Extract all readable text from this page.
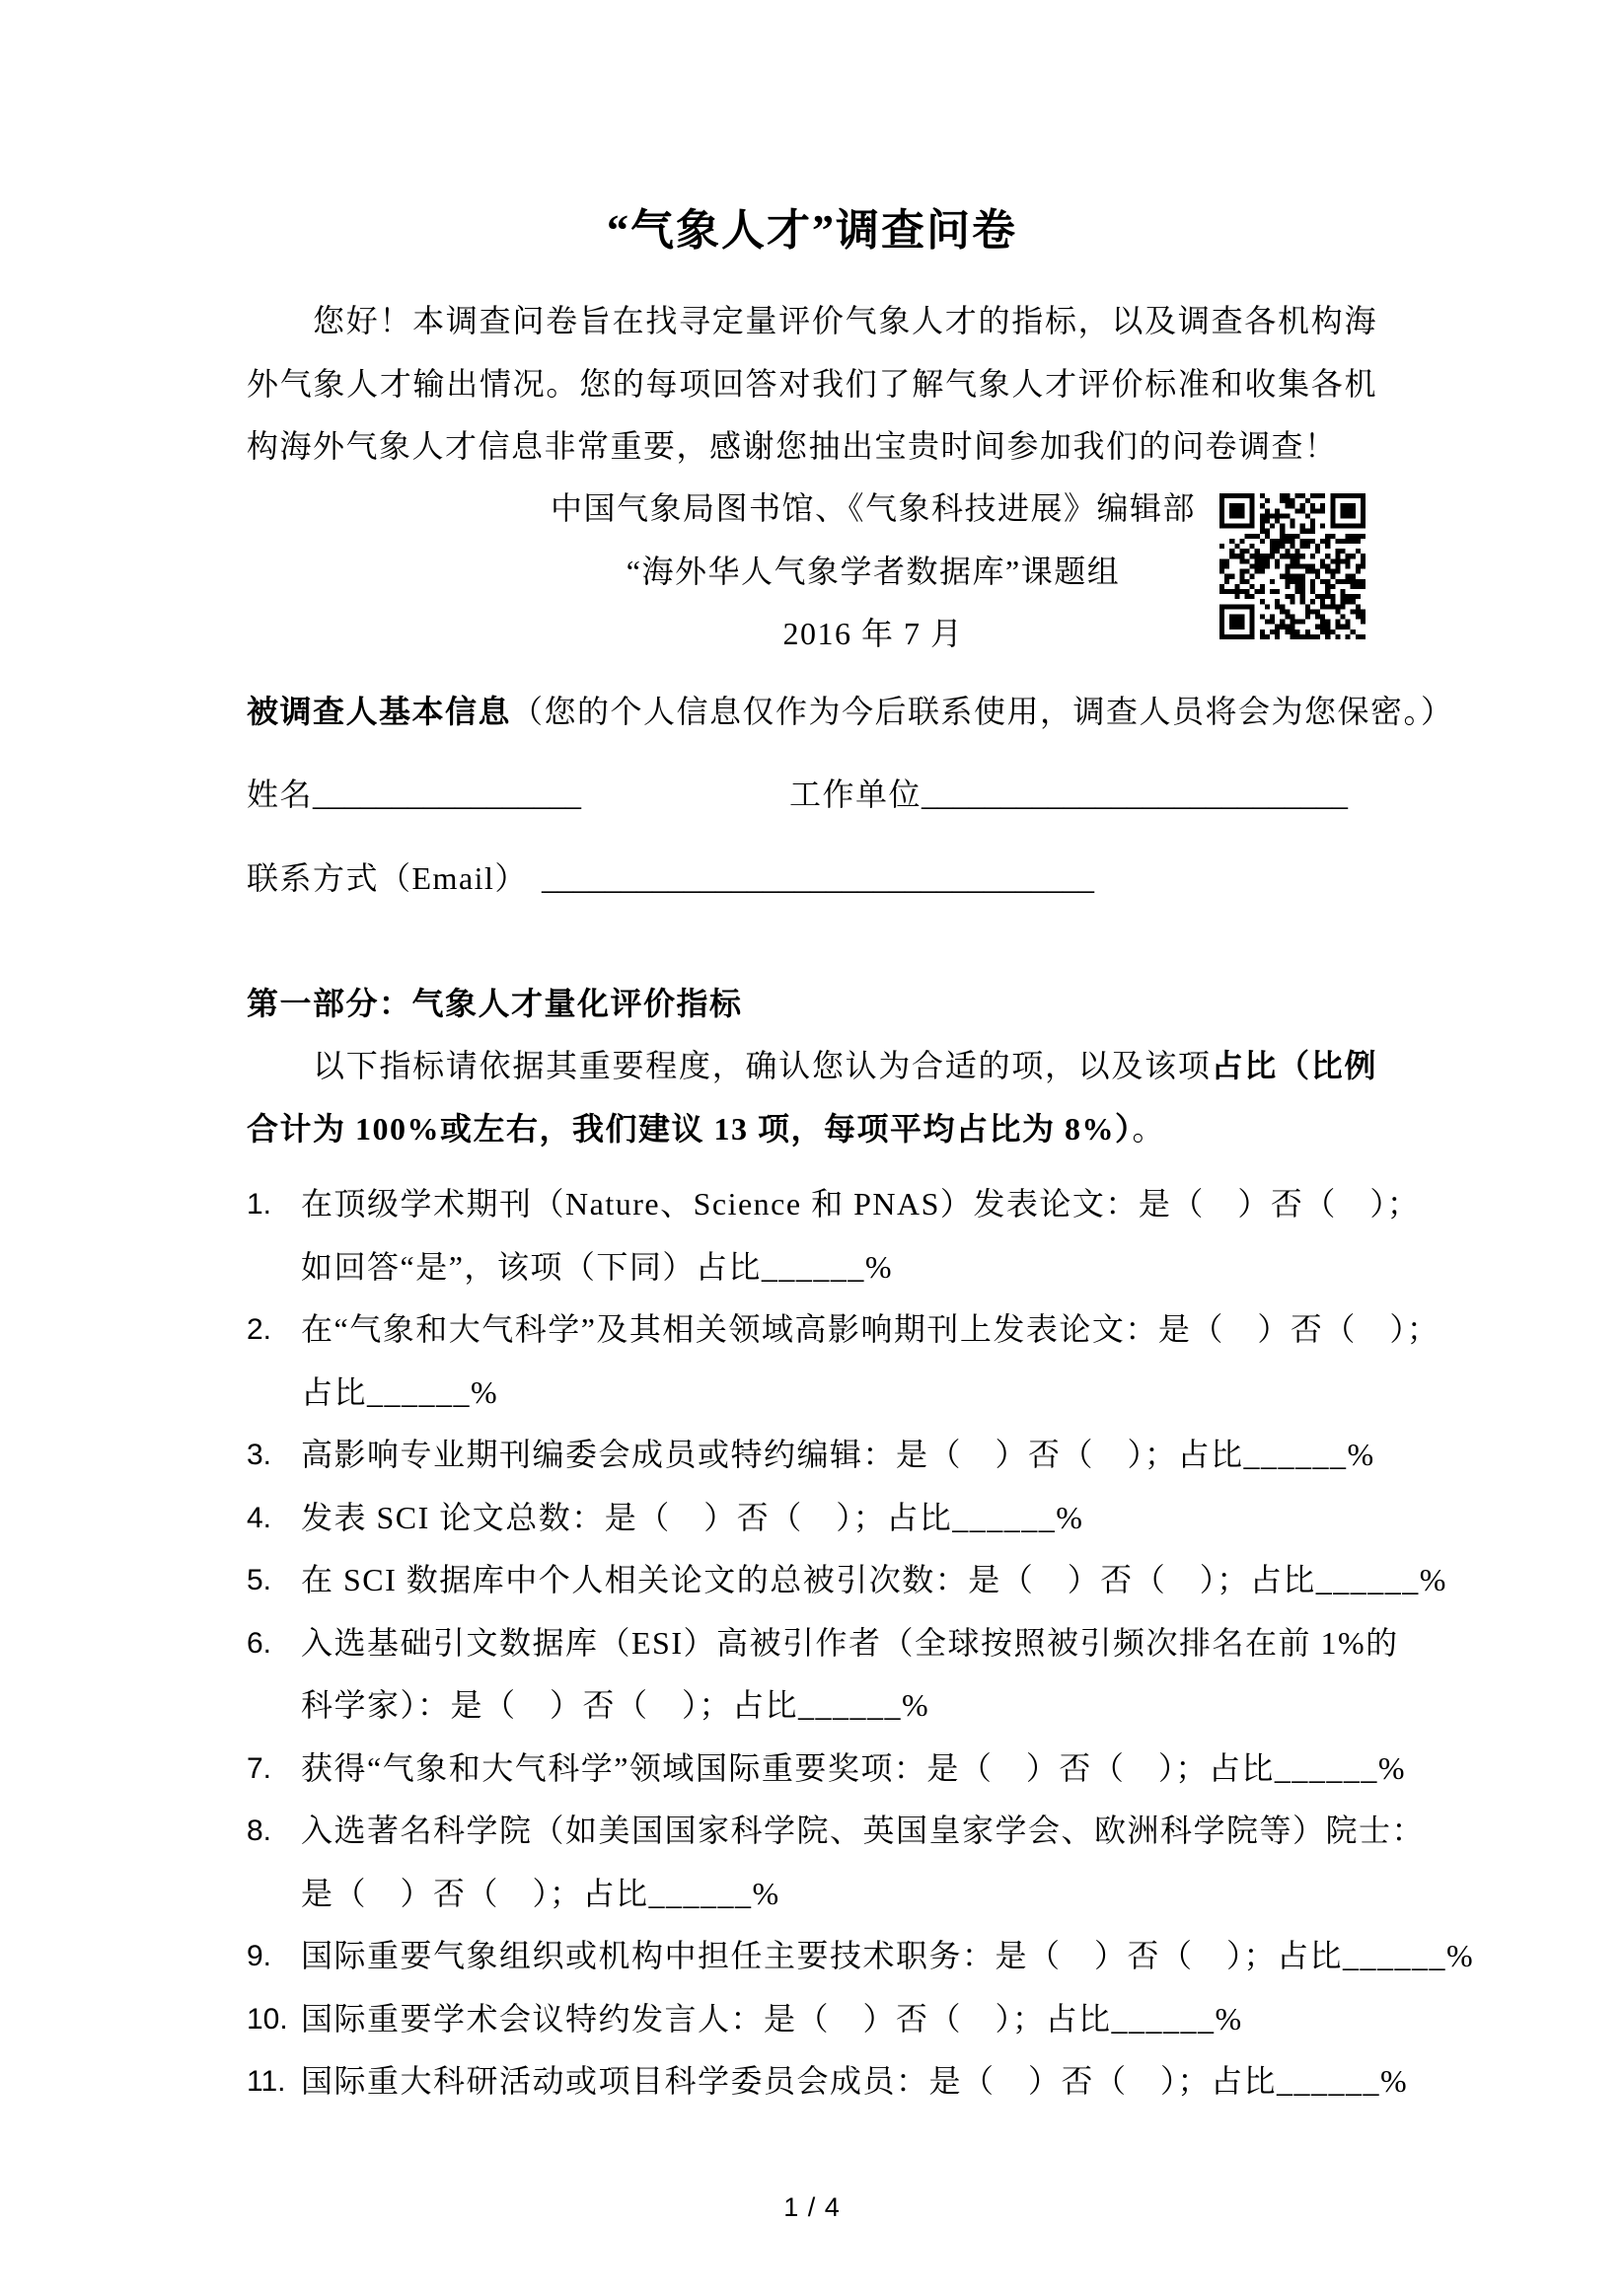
“气象人才”调查问卷
您好！本调查问卷旨在找寻定量评价气象人才的指标，以及调查各机构海外气象人才输出情况。您的每项回答对我们了解气象人才评价标准和收集各机构海外气象人才信息非常重要，感谢您抽出宝贵时间参加我们的问卷调查！
中国气象局图书馆、《气象科技进展》编辑部
“海外华人气象学者数据库”课题组
2016 年 7 月
被调查人基本信息（您的个人信息仅作为今后联系使用，调查人员将会为您保密。）
姓名_________________	工作单位___________________________
联系方式（Email） ___________________________________
第一部分：气象人才量化评价指标
以下指标请依据其重要程度，确认您认为合适的项，以及该项占比（比例合计为 100%或左右，我们建议 13 项，每项平均占比为 8%）。
1. 在顶级学术期刊（Nature、Science 和 PNAS）发表论文：是（　）否（　）；
如回答“是”，该项（下同）占比______%
2. 在“气象和大气科学”及其相关领域高影响期刊上发表论文：是（　）否（　）；
占比______%
3. 高影响专业期刊编委会成员或特约编辑：是（　）否（　）；占比______%
4. 发表 SCI 论文总数：是（　）否（　）；占比______%
5. 在 SCI 数据库中个人相关论文的总被引次数：是（　）否（　）；占比______%
6. 入选基础引文数据库（ESI）高被引作者（全球按照被引频次排名在前 1%的
科学家）：是（　）否（　）；占比______%
7. 获得“气象和大气科学”领域国际重要奖项：是（　）否（　）；占比______%
8. 入选著名科学院（如美国国家科学院、英国皇家学会、欧洲科学院等）院士：
是（　）否（　）；占比______%
9. 国际重要气象组织或机构中担任主要技术职务：是（　）否（　）；占比______%
10. 国际重要学术会议特约发言人：是（　）否（　）；占比______%
11. 国际重大科研活动或项目科学委员会成员：是（　）否（　）；占比______%
1 / 4
